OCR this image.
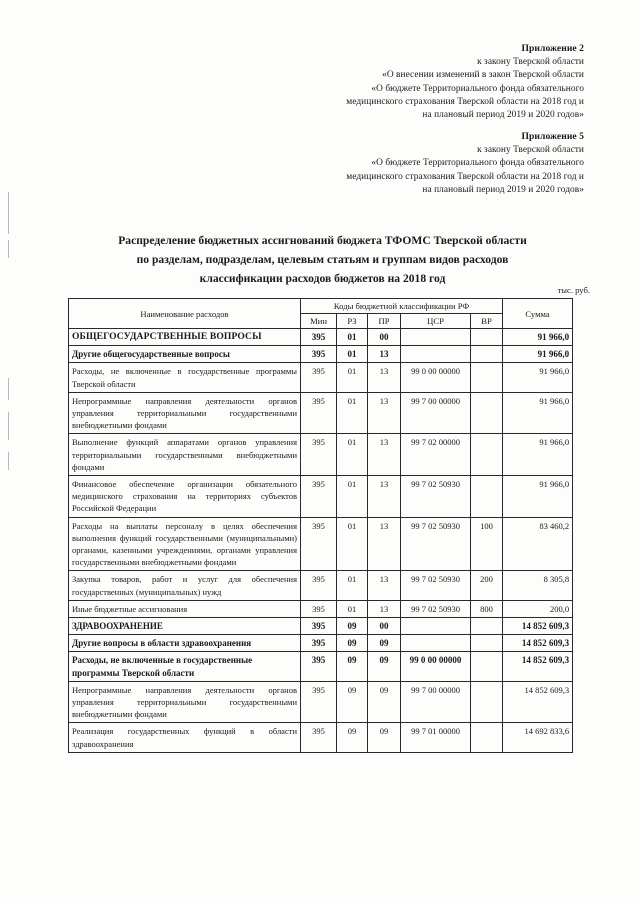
Приложение 2
к закону Тверской области
«О внесении изменений в закон Тверской области
«О бюджете Территориального фонда обязательного
медицинского страхования Тверской области на 2018 год и
на плановый период 2019 и 2020 годов»
Приложение 5
к закону Тверской области
«О бюджете Территориального фонда обязательного
медицинского страхования Тверской области на 2018 год и
на плановый период 2019 и 2020 годов»
Распределение бюджетных ассигнований бюджета ТФОМС Тверской области
по разделам, подразделам, целевым статьям и группам видов расходов
классификации расходов бюджетов на 2018 год
тыс. руб.
Наименование расходов	Коды бюджетной классификации РФ					Сумма
	Мин	РЗ	ПР	ЦСР	ВР	
ОБЩЕГОСУДАРСТВЕННЫЕ ВОПРОСЫ	395	01	00			91 966,0
Другие общегосударственные вопросы	395	01	13			91 966,0
Расходы, не включенные в государственные программы Тверской области	395	01	13	99 0 00 00000		91 966,0
Непрограммные направления деятельности органов управления территориальными государственными внебюджетными фондами	395	01	13	99 7 00 00000		91 966,0
Выполнение функций аппаратами органов управления территориальными государственными внебюджетными фондами	395	01	13	99 7 02 00000		91 966,0
Финансовое обеспечение организации обязательного медицинского страхования на территориях субъектов Российской Федерации	395	01	13	99 7 02 50930		91 966,0
Расходы на выплаты персоналу в целях обеспечения выполнения функций государственными (муниципальными) органами, казенными учреждениями, органами управления государственными внебюджетными фондами	395	01	13	99 7 02 50930	100	83 460,2
Закупка товаров, работ и услуг для обеспечения государственных (муниципальных) нужд	395	01	13	99 7 02 50930	200	8 305,8
Иные бюджетные ассигнования	395	01	13	99 7 02 50930	800	200,0
ЗДРАВООХРАНЕНИЕ	395	09	00			14 852 609,3
Другие вопросы в области здравоохранения	395	09	09			14 852 609,3
Расходы, не включенные в государственные программы Тверской области	395	09	09	99 0 00 00000		14 852 609,3
Непрограммные направления деятельности органов управления территориальными государственными внебюджетными фондами	395	09	09	99 7 00 00000		14 852 609,3
Реализация государственных функций в области здравоохранения	395	09	09	99 7 01 00000		14 692 833,6
